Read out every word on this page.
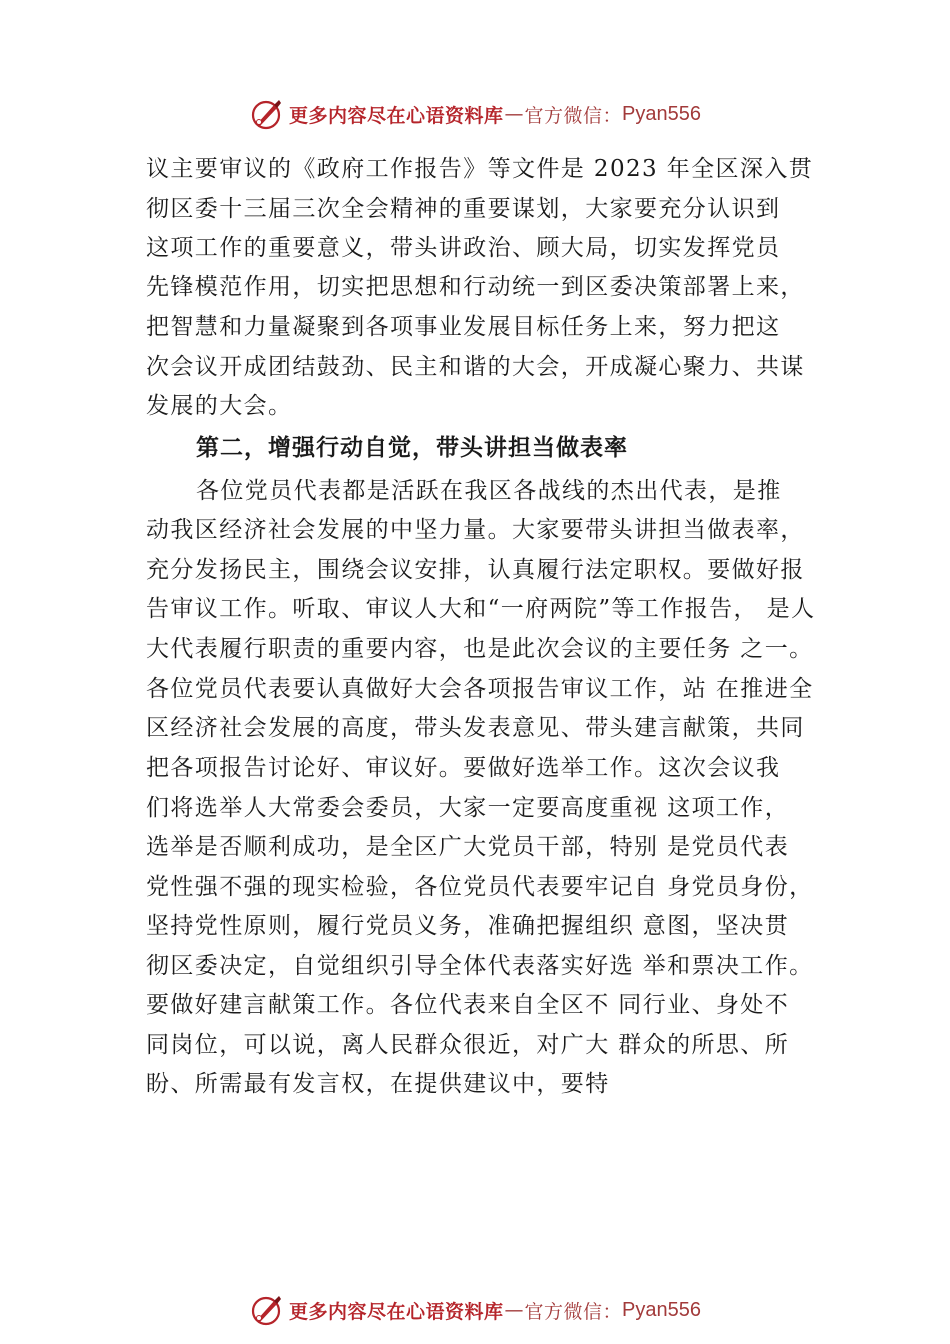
更多内容尽在心语资料库 — 官方微信： Pyan556
议主要审议的《政府工作报告》等文件是 2023 年全区深入贯
彻区委十三届三次全会精神的重要谋划，大家要充分认识到
这项工作的重要意义，带头讲政治、顾大局，切实发挥党员
先锋模范作用，切实把思想和行动统一到区委决策部署上来，
把智慧和力量凝聚到各项事业发展目标任务上来，努力把这
次会议开成团结鼓劲、民主和谐的大会，开成凝心聚力、共谋
发展的大会。
第二，增强行动自觉，带头讲担当做表率
各位党员代表都是活跃在我区各战线的杰出代表，是推
动我区经济社会发展的中坚力量。大家要带头讲担当做表率，
充分发扬民主，围绕会议安排，认真履行法定职权。要做好报
告审议工作。听取、审议人大和“一府两院”等工作报告， 是人
大代表履行职责的重要内容，也是此次会议的主要任务 之一。
各位党员代表要认真做好大会各项报告审议工作，站 在推进全
区经济社会发展的高度，带头发表意见、带头建言献策，共同
把各项报告讨论好、审议好。要做好选举工作。这次会议我
们将选举人大常委会委员，大家一定要高度重视 这项工作，
选举是否顺利成功，是全区广大党员干部，特别 是党员代表
党性强不强的现实检验，各位党员代表要牢记自 身党员身份，
坚持党性原则，履行党员义务，准确把握组织 意图，坚决贯
彻区委决定，自觉组织引导全体代表落实好选 举和票决工作。
要做好建言献策工作。各位代表来自全区不 同行业、身处不
同岗位，可以说，离人民群众很近，对广大 群众的所思、所
盼、所需最有发言权，在提供建议中，要特
更多内容尽在心语资料库 — 官方微信： Pyan556
